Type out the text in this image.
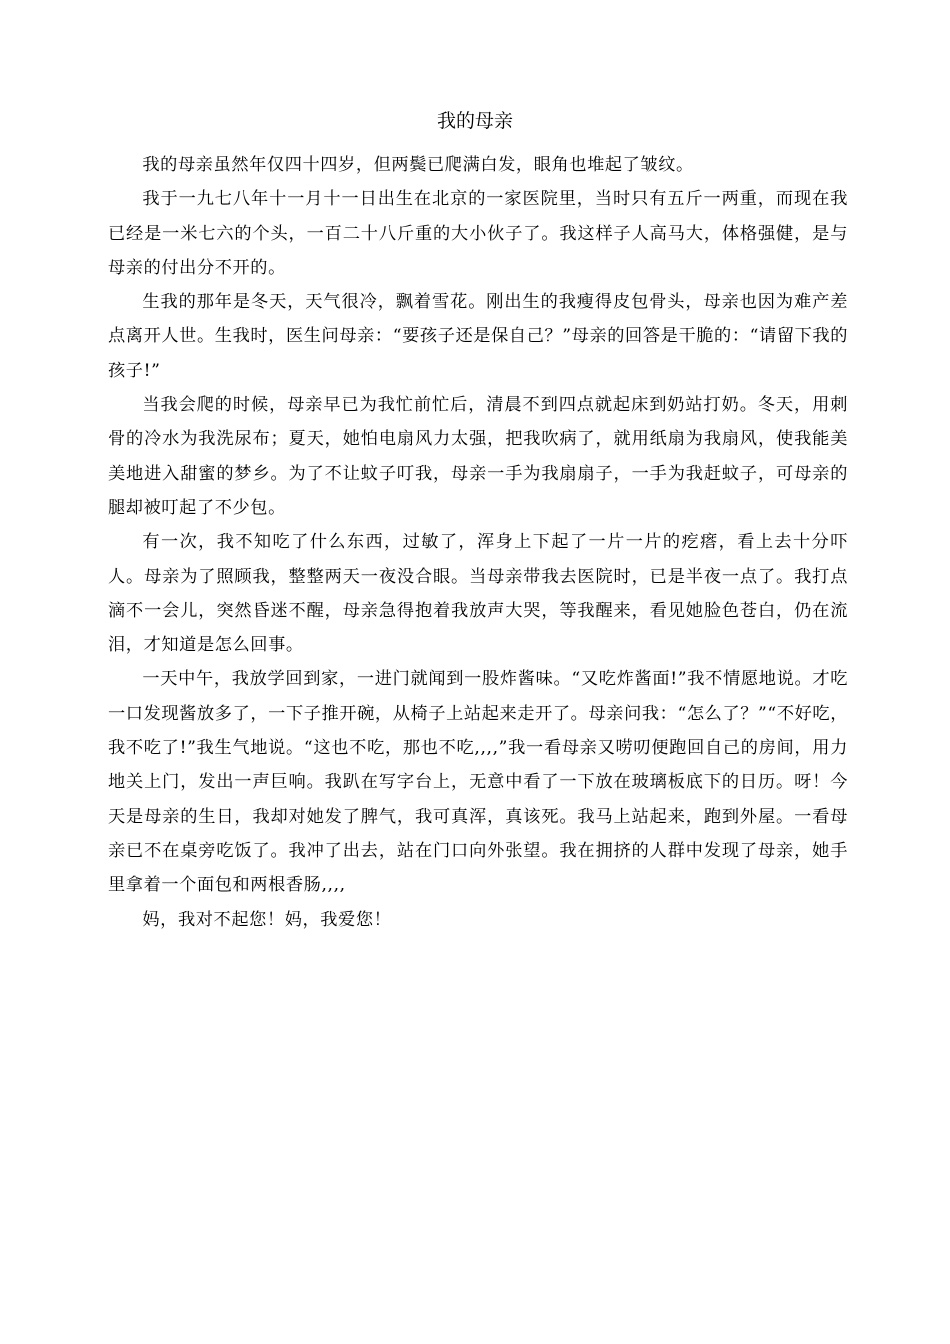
我的母亲

我的母亲虽然年仅四十四岁，但两鬓已爬满白发，眼角也堆起了皱纹。

我于一九七八年十一月十一日出生在北京的一家医院里，当时只有五斤一两重，而现在我已经是一米七六的个头，一百二十八斤重的大小伙子了。我这样子人高马大，体格强健，是与母亲的付出分不开的。

生我的那年是冬天，天气很冷，飘着雪花。刚出生的我瘦得皮包骨头，母亲也因为难产差点离开人世。生我时，医生问母亲：“要孩子还是保自己？”母亲的回答是干脆的：“请留下我的孩子!”

当我会爬的时候，母亲早已为我忙前忙后，清晨不到四点就起床到奶站打奶。冬天，用刺骨的冷水为我洗尿布；夏天，她怕电扇风力太强，把我吹病了，就用纸扇为我扇风，使我能美美地进入甜蜜的梦乡。为了不让蚊子叮我，母亲一手为我扇扇子，一手为我赶蚊子，可母亲的腿却被叮起了不少包。

有一次，我不知吃了什么东西，过敏了，浑身上下起了一片一片的疙瘩，看上去十分吓人。母亲为了照顾我，整整两天一夜没合眼。当母亲带我去医院时，已是半夜一点了。我打点滴不一会儿，突然昏迷不醒，母亲急得抱着我放声大哭，等我醒来，看见她脸色苍白，仍在流泪，才知道是怎么回事。

一天中午，我放学回到家，一进门就闻到一股炸酱味。“又吃炸酱面!”我不情愿地说。才吃一口发现酱放多了，一下子推开碗，从椅子上站起来走开了。母亲问我：“怎么了？”“不好吃，我不吃了!”我生气地说。“这也不吃，那也不吃,,,,”我一看母亲又唠叨便跑回自己的房间，用力地关上门，发出一声巨响。我趴在写字台上，无意中看了一下放在玻璃板底下的日历。呀！今天是母亲的生日，我却对她发了脾气，我可真浑，真该死。我马上站起来，跑到外屋。一看母亲已不在桌旁吃饭了。我冲了出去，站在门口向外张望。我在拥挤的人群中发现了母亲，她手里拿着一个面包和两根香肠,,,,

妈，我对不起您！妈，我爱您！
